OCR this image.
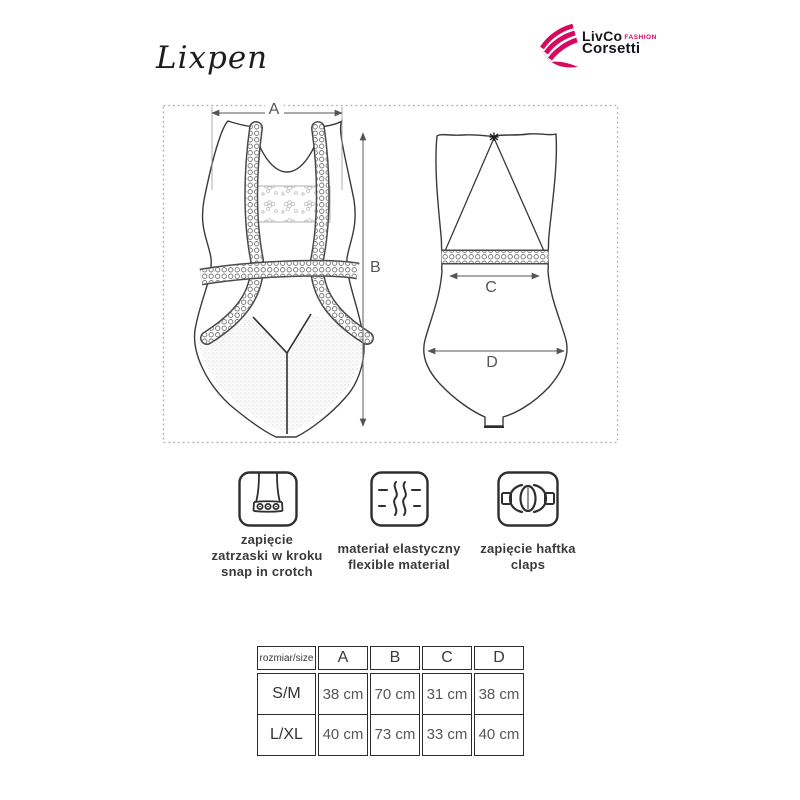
Lixpen
LivCo FASHION
Corsetti
A
B
C
D
zapięcie
zatrzaski w kroku
snap in crotch
materiał elastyczny
flexible material
zapięcie haftka
claps
rozmiar/size	A	B	C	D
S/M	38 cm 70 cm 31 cm 38 cm
L/XL	40 cm 73 cm 33 cm 40 cm
